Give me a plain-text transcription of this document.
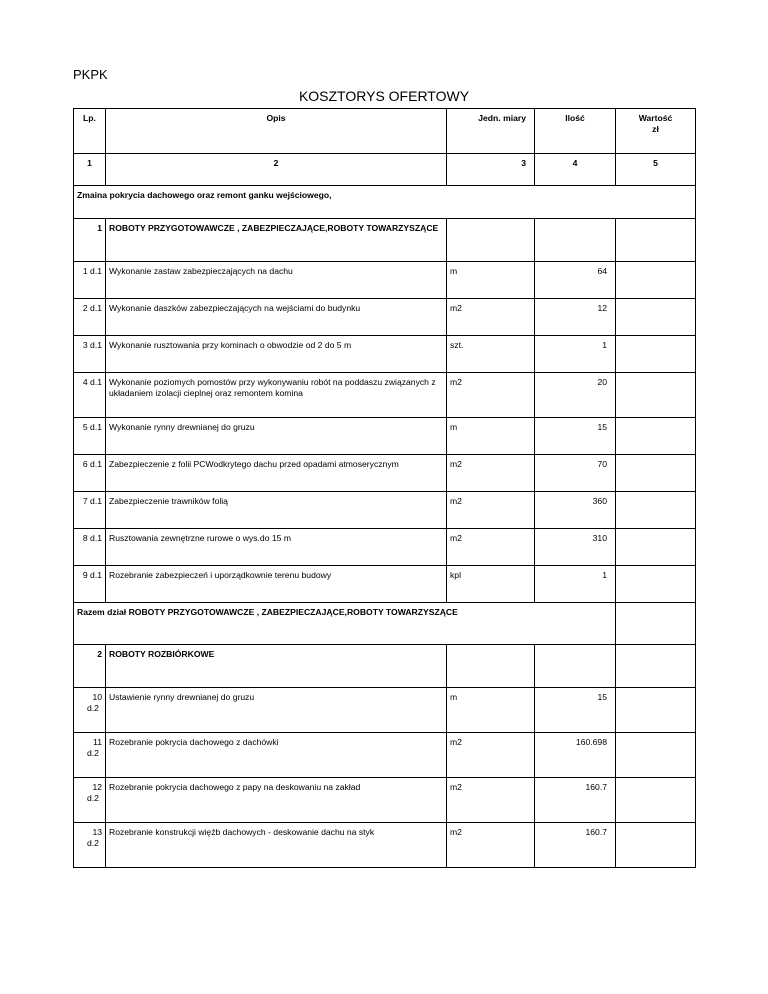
PKPK
KOSZTORYS OFERTOWY
Lp.	Opis	Jedn. miary	Ilość	Wartość
zł

1	2	3	4	5
Zmaina pokrycia dachowego oraz remont ganku wejściowego,				
1	ROBOTY PRZYGOTOWAWCZE , ZABEZPIECZAJĄCE,ROBOTY TOWARZYSZĄCE			
1 d.1	Wykonanie zastaw zabezpieczających na dachu	m	64	
2 d.1	Wykonanie daszków zabezpieczających na wejściami do budynku	m2	12	
3 d.1	Wykonanie rusztowania przy kominach o obwodzie od 2 do 5 m	szt.	1	
4 d.1	Wykonanie poziomych pomostów przy wykonywaniu robót na poddaszu związanych z układaniem izolacji cieplnej oraz remontem komina	m2	20	
5 d.1	Wykonanie rynny drewnianej do gruzu	m	15	
6 d.1	Zabezpieczenie z folii PCWodkrytego dachu przed opadami atmoserycznym	m2	70	
7 d.1	Zabezpieczenie trawników folią	m2	360	
8 d.1	Rusztowania zewnętrzne rurowe o wys.do 15 m	m2	310	
9 d.1	Rozebranie zabezpieczeń i uporządkownie terenu budowy	kpl	1	
Razem dział ROBOTY PRZYGOTOWAWCZE , ZABEZPIECZAJĄCE,ROBOTY TOWARZYSZĄCE				
2	ROBOTY ROZBIÓRKOWE			

10
d.2	Ustawienie rynny drewnianej do gruzu	m	15	

11
d.2	Rozebranie pokrycia dachowego z dachówki	m2	160.698	

12
d.2	Rozebranie pokrycia dachowego z papy na deskowaniu na zakład	m2	160.7	

13
d.2	Rozebranie konstrukcji więźb dachowych - deskowanie dachu na styk	m2	160.7	
